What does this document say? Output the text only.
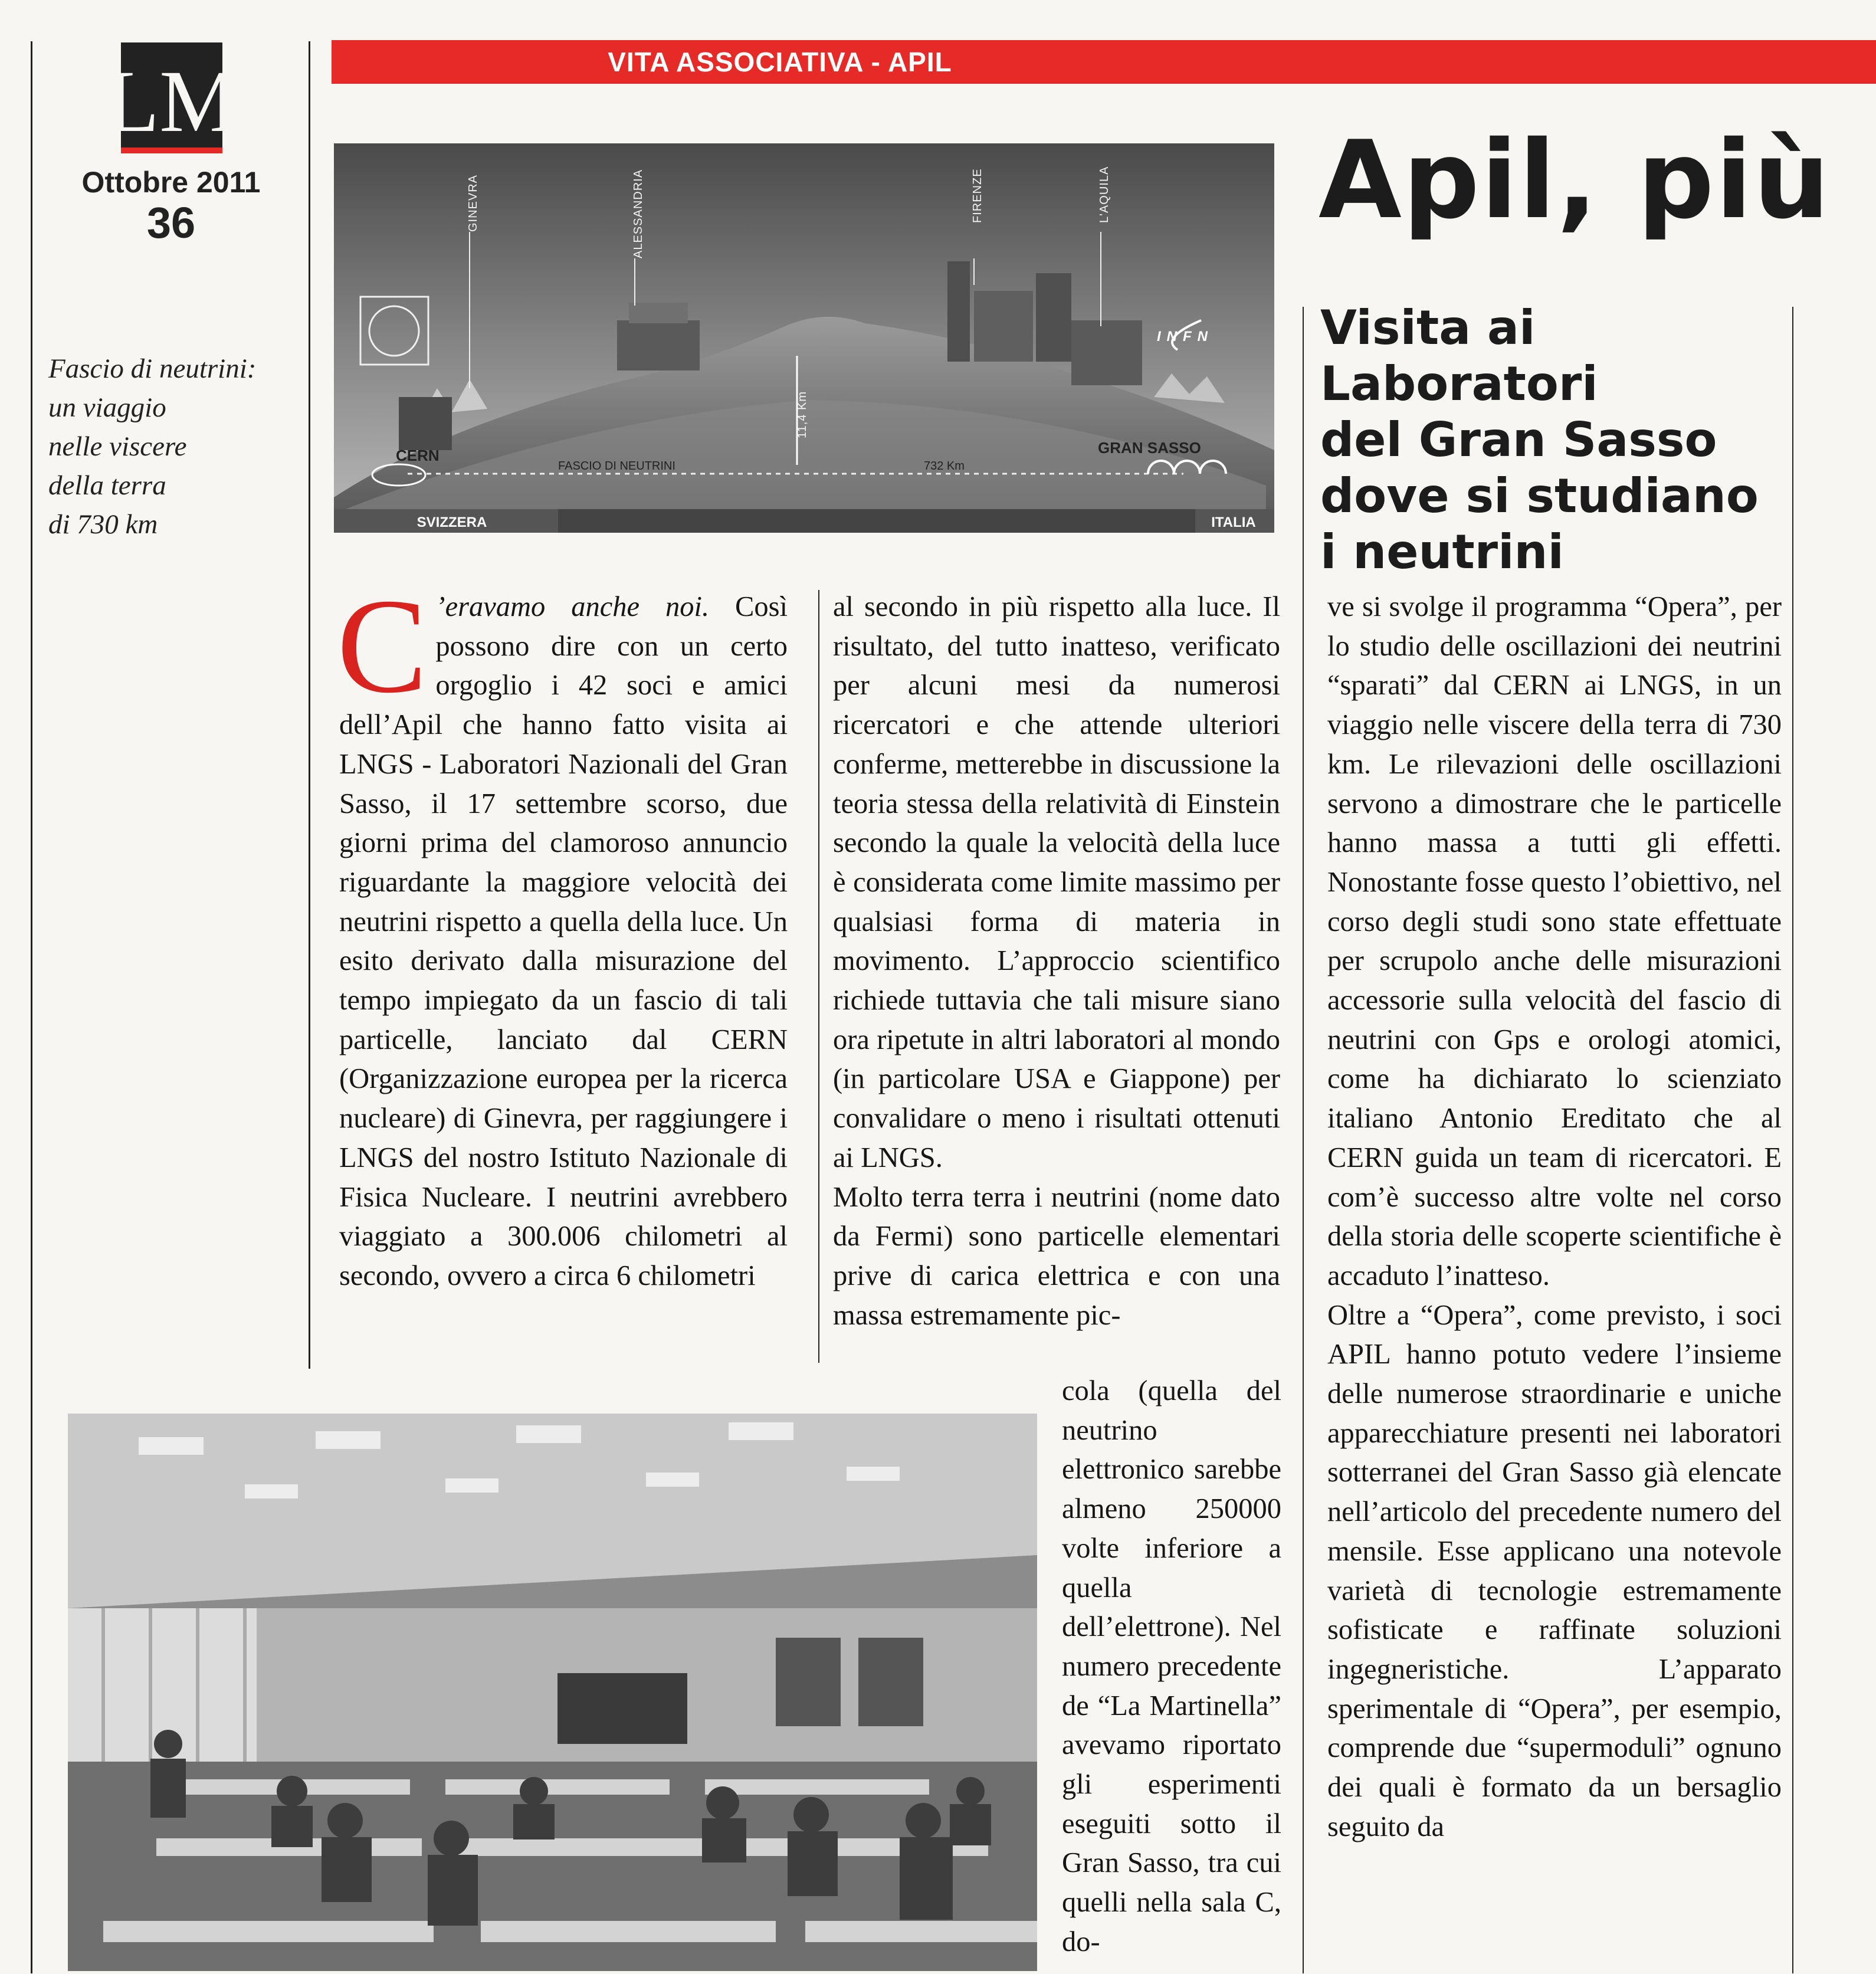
LM
Ottobre 2011
36
Fascio di neutrini:
un viaggio
nelle viscere
della terra
di 730 km
VITA ASSOCIATIVA - APIL
GINEVRA	ALESSANDRIA	FIRENZE	L'AQUILA
INFN
11,4 Km
CERN
FASCIO DI NEUTRINI	732 Km
GRAN SASSO
SVIZZERA	ITALIA
Apil, più
Visita ai Laboratori
del Gran Sasso
dove si studiano
i neutrini
C ’eravamo anche noi. Così possono dire con un certo orgoglio i 42 soci e amici dell’Apil che hanno fatto visita ai LNGS - Laboratori Nazionali del Gran Sasso, il 17 settembre scorso, due giorni prima del clamoroso annuncio riguardante la maggiore velocità dei neutrini rispetto a quella della luce. Un esito derivato dalla misurazione del tempo impiegato da un fascio di tali particelle, lanciato dal CERN (Organizzazione europea per la ricerca nucleare) di Ginevra, per raggiungere i LNGS del nostro Istituto Nazionale di Fisica Nucleare. I neutrini avrebbero viaggiato a 300.006 chilometri al secondo, ovvero a circa 6 chilometri

al secondo in più rispetto alla luce. Il risultato, del tutto inatteso, verificato per alcuni mesi da numerosi ricercatori e che attende ulteriori conferme, metterebbe in discussione la teoria stessa della relatività di Einstein secondo la quale la velocità della luce è considerata come limite massimo per qualsiasi forma di materia in movimento. L’approccio scientifico richiede tuttavia che tali misure siano ora ripetute in altri laboratori al mondo (in particolare USA e Giappone) per convalidare o meno i risultati ottenuti ai LNGS.

Molto terra terra i neutrini (nome dato da Fermi) sono particelle elementari prive di carica elettrica e con una massa estremamente pic-

cola (quella del neutrino elettronico sarebbe almeno 250000 volte inferiore a quella dell’elettrone). Nel numero precedente de “La Martinella” avevamo riportato gli esperimenti eseguiti sotto il Gran Sasso, tra cui quelli nella sala C, do-

ve si svolge il programma “Opera”, per lo studio delle oscillazioni dei neutrini “sparati” dal CERN ai LNGS, in un viaggio nelle viscere della terra di 730 km. Le rilevazioni delle oscillazioni servono a dimostrare che le particelle hanno massa a tutti gli effetti. Nonostante fosse questo l’obiettivo, nel corso degli studi sono state effettuate per scrupolo anche delle misurazioni accessorie sulla velocità del fascio di neutrini con Gps e orologi atomici, come ha dichiarato lo scienziato italiano Antonio Ereditato che al CERN guida un team di ricercatori. E com’è successo altre volte nel corso della storia delle scoperte scientifiche è accaduto l’inatteso.

Oltre a “Opera”, come previsto, i soci APIL hanno potuto vedere l’insieme delle numerose straordinarie e uniche apparecchiature presenti nei laboratori sotterranei del Gran Sasso già elencate nell’articolo del precedente numero del mensile. Esse applicano una notevole varietà di tecnologie estremamente sofisticate e raffinate soluzioni ingegneristiche. L’apparato sperimentale di “Opera”, per esempio, comprende due “supermoduli” ognuno dei quali è formato da un bersaglio seguito da
